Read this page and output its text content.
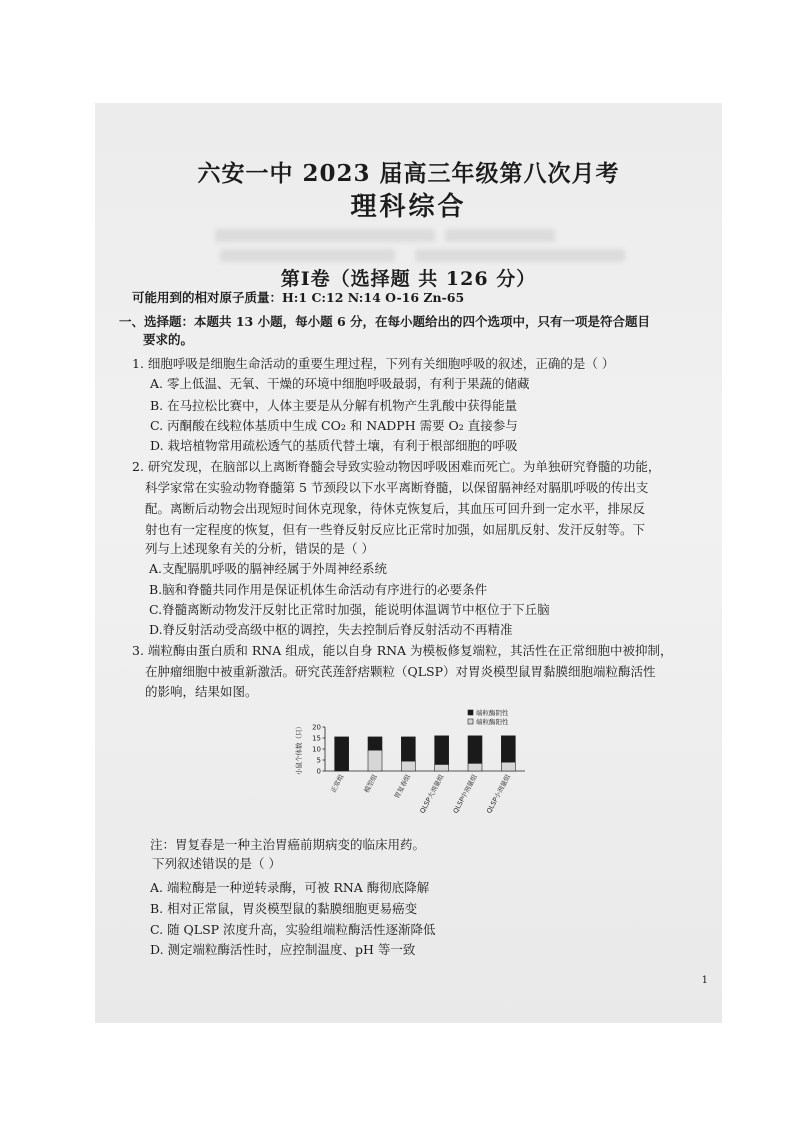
六安一中 2023 届高三年级第八次月考
理科综合
第Ⅰ卷（选择题 共 126 分）
可能用到的相对原子质量：H:1 C:12 N:14 O-16 Zn-65
一、选择题：本题共 13 小题，每小题 6 分，在每小题给出的四个选项中，只有一项是符合题目
要求的。
1. 细胞呼吸是细胞生命活动的重要生理过程，下列有关细胞呼吸的叙述，正确的是（ ）
A. 零上低温、无氧、干燥的环境中细胞呼吸最弱，有利于果蔬的储藏
B. 在马拉松比赛中，人体主要是从分解有机物产生乳酸中获得能量
C. 丙酮酸在线粒体基质中生成 CO₂ 和 NADPH 需要 O₂ 直接参与
D. 栽培植物常用疏松透气的基质代替土壤，有利于根部细胞的呼吸
2. 研究发现，在脑部以上离断脊髓会导致实验动物因呼吸困难而死亡。为单独研究脊髓的功能，
科学家常在实验动物脊髓第 5 节颈段以下水平离断脊髓，以保留膈神经对膈肌呼吸的传出支
配。离断后动物会出现短时间休克现象，待休克恢复后，其血压可回升到一定水平，排尿反
射也有一定程度的恢复，但有一些脊反射反应比正常时加强，如屈肌反射、发汗反射等。下
列与上述现象有关的分析，错误的是（ ）
A.支配膈肌呼吸的膈神经属于外周神经系统
B.脑和脊髓共同作用是保证机体生命活动有序进行的必要条件
C.脊髓离断动物发汗反射比正常时加强，能说明体温调节中枢位于下丘脑
D.脊反射活动受高级中枢的调控，失去控制后脊反射活动不再精准
3. 端粒酶由蛋白质和 RNA 组成，能以自身 RNA 为模板修复端粒，其活性在正常细胞中被抑制，
在肿瘤细胞中被重新激活。研究芪莲舒痞颗粒（QLSP）对胃炎模型鼠胃黏膜细胞端粒酶活性
的影响，结果如图。
0
5
10
15
20
小鼠个体数（只）
正常组	模型组 胃复春组 QLSP大剂量组 QLSP中剂量组 QLSP小剂量组
端粒酶阴性
端粒酶阳性
注：胃复春是一种主治胃癌前期病变的临床用药。
下列叙述错误的是（ ）
A. 端粒酶是一种逆转录酶，可被 RNA 酶彻底降解
B. 相对正常鼠，胃炎模型鼠的黏膜细胞更易癌变
C. 随 QLSP 浓度升高，实验组端粒酶活性逐渐降低
D. 测定端粒酶活性时，应控制温度、pH 等一致
1
